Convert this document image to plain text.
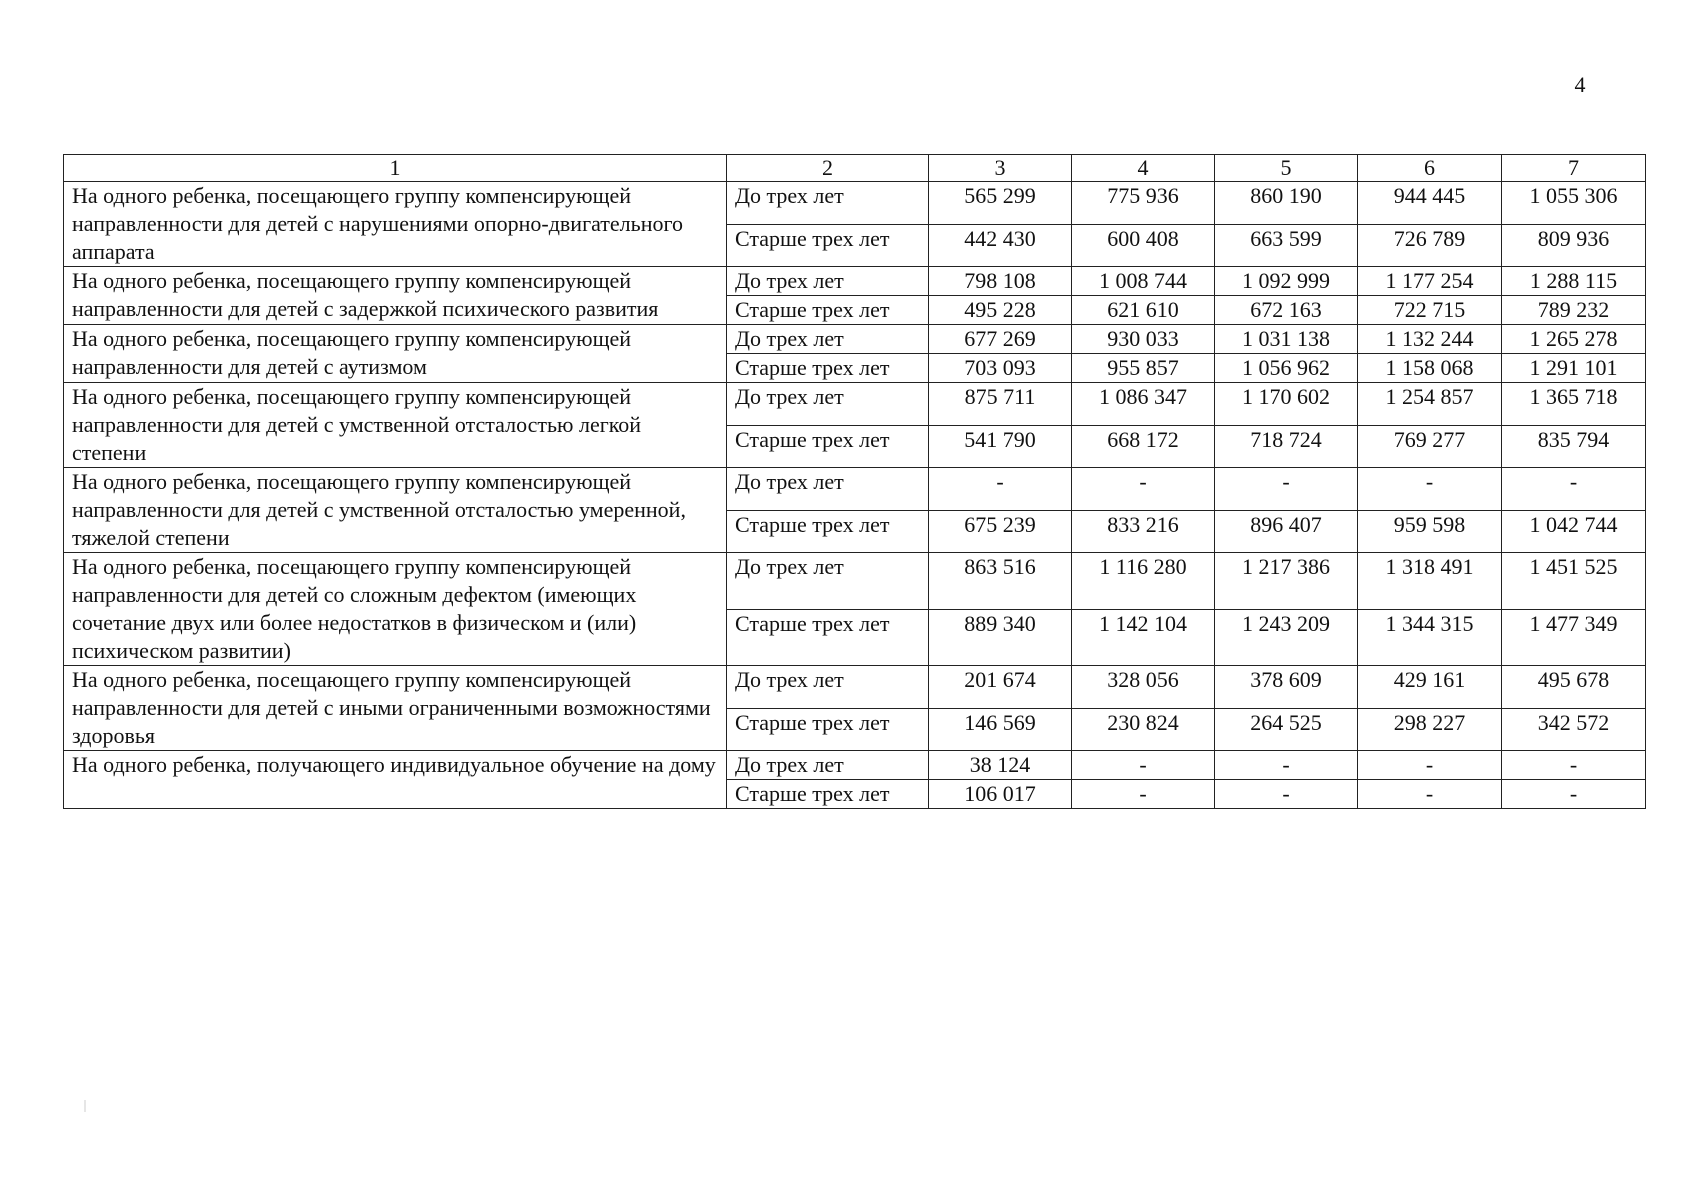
4
1	2	3	4	5	6	7
На одного ребенка, посещающего группу компенсирующей направленности для детей с нарушениями опорно-двигательного аппарата	До трех лет	565 299	775 936	860 190	944 445	1 055 306
	Старше трех лет	442 430	600 408	663 599	726 789	809 936
На одного ребенка, посещающего группу компенсирующей направленности для детей с задержкой психического развития	До трех лет	798 108	1 008 744	1 092 999	1 177 254	1 288 115
	Старше трех лет	495 228	621 610	672 163	722 715	789 232
На одного ребенка, посещающего группу компенсирующей направленности для детей с аутизмом	До трех лет	677 269	930 033	1 031 138	1 132 244	1 265 278
	Старше трех лет	703 093	955 857	1 056 962	1 158 068	1 291 101
На одного ребенка, посещающего группу компенсирующей направленности для детей с умственной отсталостью легкой степени	До трех лет	875 711	1 086 347	1 170 602	1 254 857	1 365 718
	Старше трех лет	541 790	668 172	718 724	769 277	835 794
На одного ребенка, посещающего группу компенсирующей направленности для детей с умственной отсталостью умеренной, тяжелой степени	До трех лет	-	-	-	-	-
	Старше трех лет	675 239	833 216	896 407	959 598	1 042 744
На одного ребенка, посещающего группу компенсирующей направленности для детей со сложным дефектом (имеющих сочетание двух или более недостатков в физическом и (или) психическом развитии)	До трех лет	863 516	1 116 280	1 217 386	1 318 491	1 451 525
	Старше трех лет	889 340	1 142 104	1 243 209	1 344 315	1 477 349
На одного ребенка, посещающего группу компенсирующей направленности для детей с иными ограниченными возможностями здоровья	До трех лет	201 674	328 056	378 609	429 161	495 678
	Старше трех лет	146 569	230 824	264 525	298 227	342 572
На одного ребенка, получающего индивидуальное обучение на дому	До трех лет	38 124	-	-	-	-
	Старше трех лет	106 017	-	-	-	-
